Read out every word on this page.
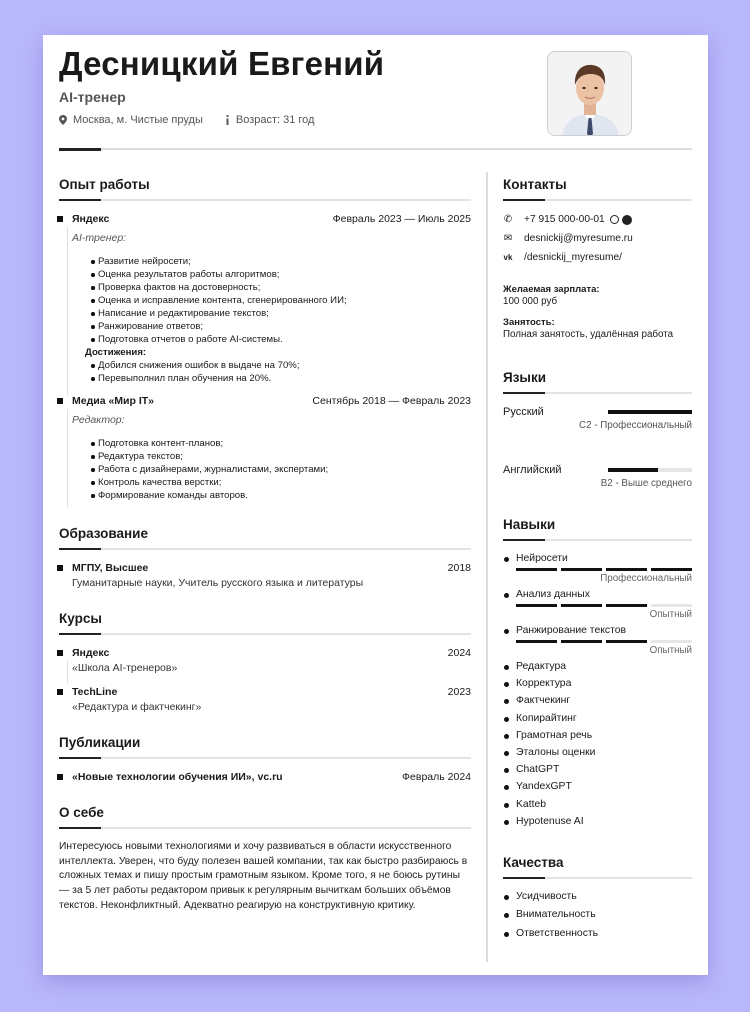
Десницкий Евгений
AI-тренер
Москва, м. Чистые пруды	Возраст: 31 год
Опыт работы
Яндекс	Февраль 2023 — Июль 2025
AI-тренер:
Развитие нейросети;
Оценка результатов работы алгоритмов;
Проверка фактов на достоверность;
Оценка и исправление контента, сгенерированного ИИ;
Написание и редактирование текстов;
Ранжирование ответов;
Подготовка отчетов о работе AI-системы.
Достижения:
Добился снижения ошибок в выдаче на 70%;
Перевыполнил план обучения на 20%.
Медиа «Мир IT»	Сентябрь 2018 — Февраль 2023
Редактор:
Подготовка контент-планов;
Редактура текстов;
Работа с дизайнерами, журналистами, экспертами;
Контроль качества верстки;
Формирование команды авторов.
Образование
МГПУ, Высшее	2018
Гуманитарные науки, Учитель русского языка и литературы
Курсы
Яндекс	2024
«Школа AI-тренеров»
TechLine	2023
«Редактура и фактчекинг»
Публикации
«Новые технологии обучения ИИ», vc.ru	Февраль 2024
О себе
Интересуюсь новыми технологиями и хочу развиваться в области искусственного интеллекта. Уверен, что буду полезен вашей компании, так как быстро разбираюсь в сложных темах и пишу простым грамотным языком. Кроме того, я не боюсь рутины — за 5 лет работы редактором привык к регулярным вычиткам больших объёмов текстов. Неконфликтный. Адекватно реагирую на конструктивную критику.
Контакты
✆ +7 915 000-00-01
✉ desnickij@myresume.ru
vk /desnickij_myresume/
Желаемая зарплата:
100 000 руб
Занятость:
Полная занятость, удалённая работа
Языки
Русский
C2 - Профессиональный
Английский
B2 - Выше среднего
Навыки
Нейросети
Профессиональный
Анализ данных
Опытный
Ранжирование текстов
Опытный
Редактура
Корректура
Фактчекинг
Копирайтинг
Грамотная речь
Эталоны оценки
ChatGPT
YandexGPT
Katteb
Hypotenuse AI
Качества
Усидчивость
Внимательность
Ответственность
